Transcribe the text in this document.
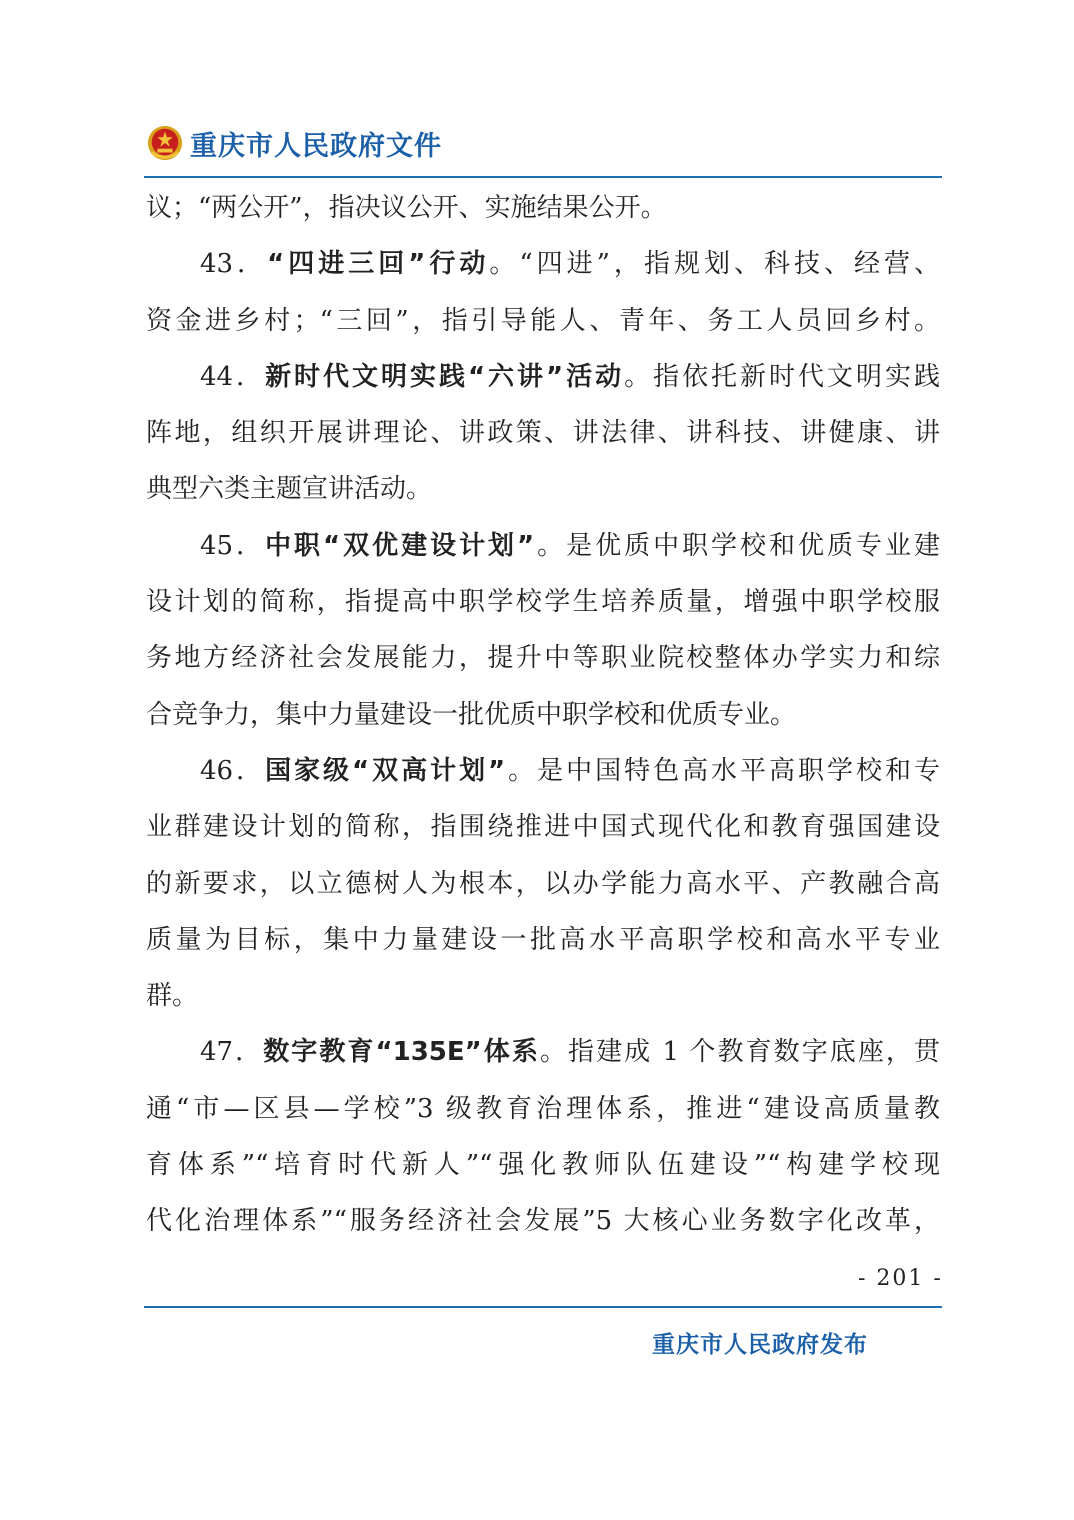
重庆市人民政府文件

议；“两公开”，指决议公开、实施结果公开。

43．“四进三回”行动。“四进”，指规划、科技、经营、
资金进乡村；“三回”，指引导能人、青年、务工人员回乡村。

44．新时代文明实践“六讲”活动。指依托新时代文明实践
阵地，组织开展讲理论、讲政策、讲法律、讲科技、讲健康、讲
典型六类主题宣讲活动。

45．中职“双优建设计划”。是优质中职学校和优质专业建
设计划的简称，指提高中职学校学生培养质量，增强中职学校服
务地方经济社会发展能力，提升中等职业院校整体办学实力和综
合竞争力，集中力量建设一批优质中职学校和优质专业。

46．国家级“双高计划”。是中国特色高水平高职学校和专
业群建设计划的简称，指围绕推进中国式现代化和教育强国建设
的新要求，以立德树人为根本，以办学能力高水平、产教融合高
质量为目标，集中力量建设一批高水平高职学校和高水平专业
群。

47．数字教育“135E”体系。指建成 1 个教育数字底座，贯
通“市—区县—学校”3 级教育治理体系，推进“建设高质量教
育体系”“培育时代新人”“强化教师队伍建设”“构建学校现
代化治理体系”“服务经济社会发展”5 大核心业务数字化改革，

- 201 -
重庆市人民政府发布
